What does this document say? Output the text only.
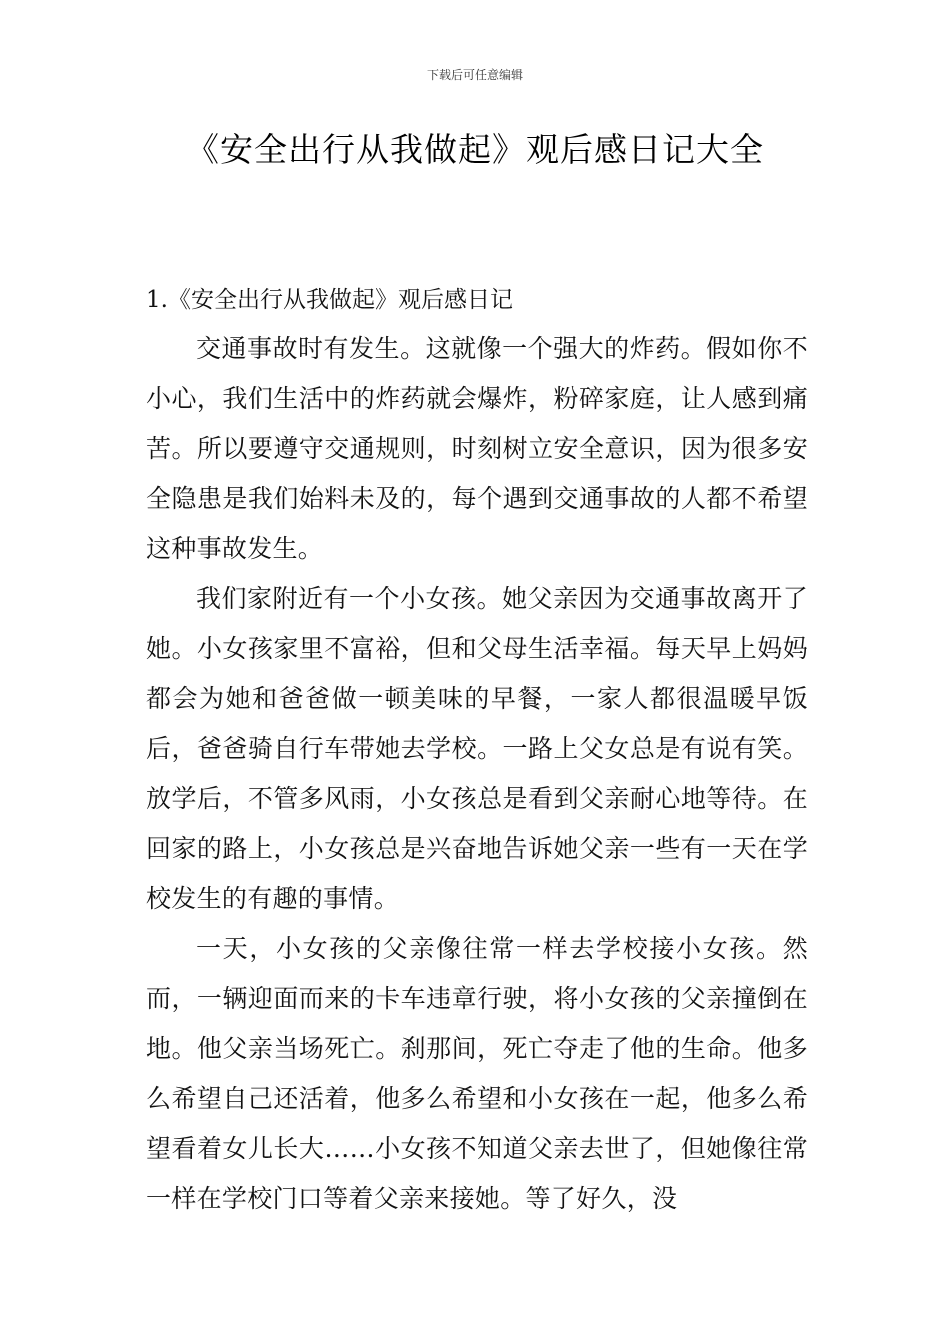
下载后可任意编辑
《安全出行从我做起》观后感日记大全
1.《安全出行从我做起》观后感日记

交通事故时有发生。这就像一个强大的炸药。假如你不小心，我们生活中的炸药就会爆炸，粉碎家庭，让人感到痛苦。所以要遵守交通规则，时刻树立安全意识，因为很多安全隐患是我们始料未及的，每个遇到交通事故的人都不希望这种事故发生。

我们家附近有一个小女孩。她父亲因为交通事故离开了她。小女孩家里不富裕，但和父母生活幸福。每天早上妈妈都会为她和爸爸做一顿美味的早餐，一家人都很温暖早饭后，爸爸骑自行车带她去学校。一路上父女总是有说有笑。放学后，不管多风雨，小女孩总是看到父亲耐心地等待。在回家的路上，小女孩总是兴奋地告诉她父亲一些有一天在学校发生的有趣的事情。

一天，小女孩的父亲像往常一样去学校接小女孩。然而，一辆迎面而来的卡车违章行驶，将小女孩的父亲撞倒在地。他父亲当场死亡。刹那间，死亡夺走了他的生命。他多么希望自己还活着，他多么希望和小女孩在一起，他多么希望看着女儿长大……小女孩不知道父亲去世了，但她像往常一样在学校门口等着父亲来接她。等了好久，没
